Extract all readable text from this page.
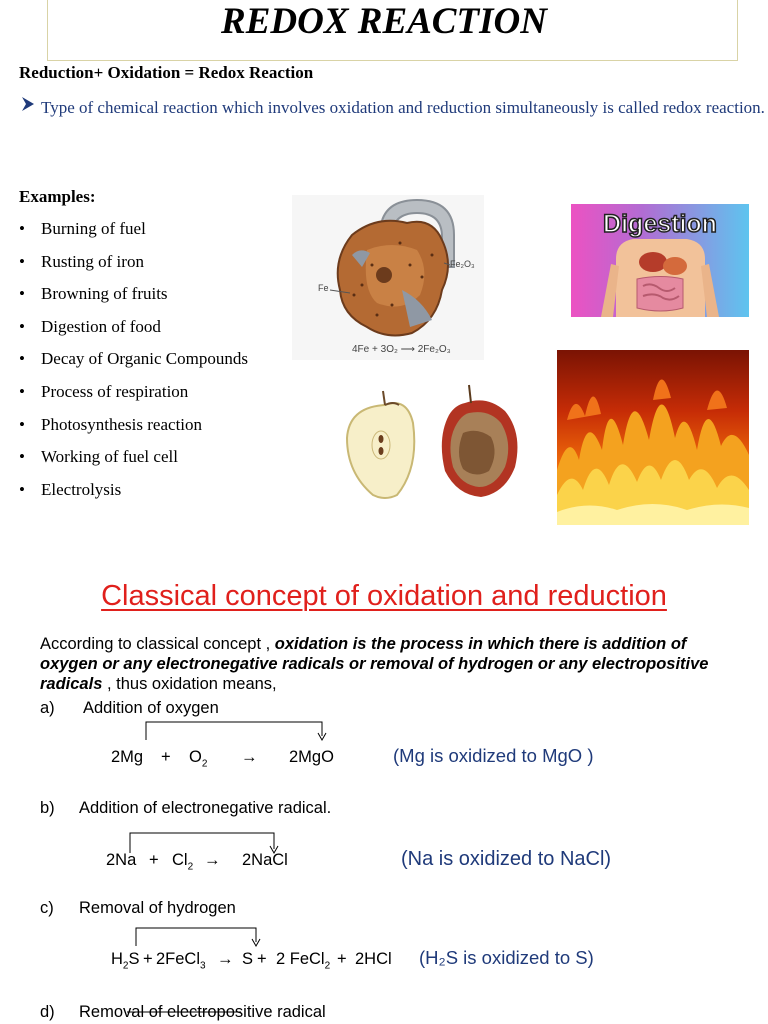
REDOX REACTION
Reduction+ Oxidation = Redox Reaction
Type of chemical reaction which involves oxidation and reduction simultaneously is called redox reaction.
Examples:
• Burning of fuel
• Rusting of iron
• Browning of fruits
• Digestion of food
• Decay of Organic Compounds
• Process of respiration
• Photosynthesis reaction
• Working of fuel cell
• Electrolysis
Fe
Fe₂O₃
4Fe + 3O₂ ⟶ 2Fe₂O₃
Digestion
Classical concept of oxidation and reduction
According to classical concept , oxidation is the process in which there is addition of oxygen or any electronegative radicals or removal of hydrogen or any electropositive radicals , thus oxidation means,
a) Addition of oxygen
$2Mg + O_2 \to 2MgO$	(Mg is oxidized to MgO )
b) Addition of electronegative radical.
$2Na + Cl_2$ → 2NaCl	(Na is oxidized to NaCl)
c) Removal of hydrogen
$H_2S$ + 2FeCl$_3$ → S + 2 FeCl$_2$ + 2HCl (H₂S is oxidized to S)
d) Removal of electropositive radical
